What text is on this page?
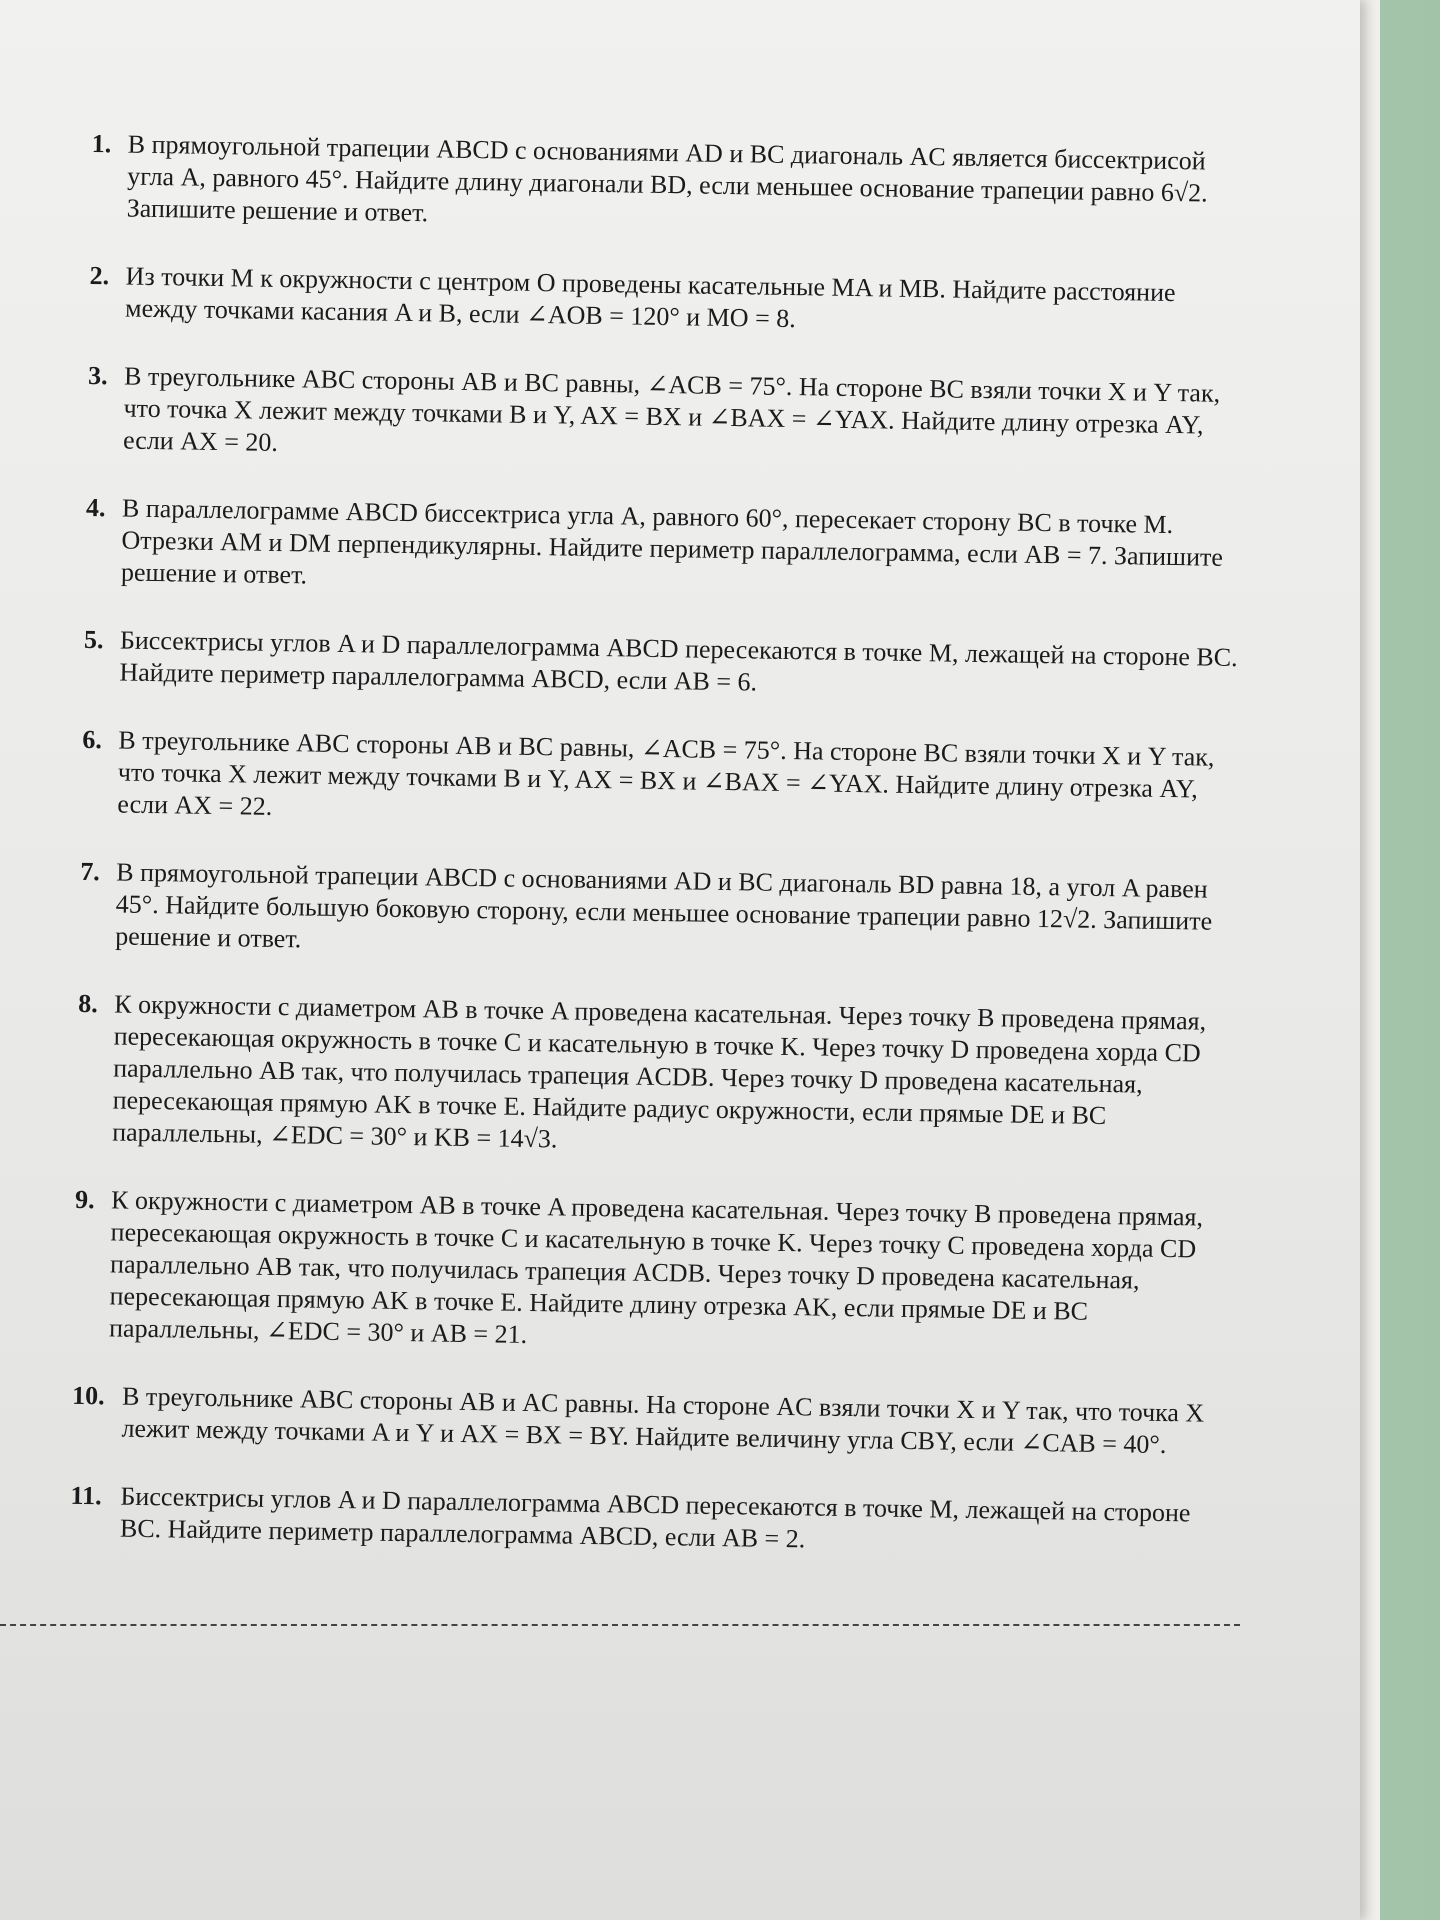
1. В прямоугольной трапеции ABCD с основаниями AD и BC диагональ AC является биссектрисой угла A, равного 45°. Найдите длину диагонали BD, если меньшее основание трапеции равно 6√2. Запишите решение и ответ.
2. Из точки M к окружности с центром O проведены касательные MA и MB. Найдите расстояние между точками касания A и B, если ∠AOB = 120° и MO = 8.
3. В треугольнике ABC стороны AB и BC равны, ∠ACB = 75°. На стороне BC взяли точки X и Y так, что точка X лежит между точками B и Y, AX = BX и ∠BAX = ∠YAX. Найдите длину отрезка AY, если AX = 20.
4. В параллелограмме ABCD биссектриса угла A, равного 60°, пересекает сторону BC в точке M. Отрезки AM и DM перпендикулярны. Найдите периметр параллелограмма, если AB = 7. Запишите решение и ответ.
5. Биссектрисы углов A и D параллелограмма ABCD пересекаются в точке M, лежащей на стороне BC. Найдите периметр параллелограмма ABCD, если AB = 6.
6. В треугольнике ABC стороны AB и BC равны, ∠ACB = 75°. На стороне BC взяли точки X и Y так, что точка X лежит между точками B и Y, AX = BX и ∠BAX = ∠YAX. Найдите длину отрезка AY, если AX = 22.
7. В прямоугольной трапеции ABCD с основаниями AD и BC диагональ BD равна 18, а угол A равен 45°. Найдите большую боковую сторону, если меньшее основание трапеции равно 12√2. Запишите решение и ответ.
8. К окружности с диаметром AB в точке A проведена касательная. Через точку B проведена прямая, пересекающая окружность в точке C и касательную в точке K. Через точку D проведена хорда CD параллельно AB так, что получилась трапеция ACDB. Через точку D проведена касательная, пересекающая прямую AK в точке E. Найдите радиус окружности, если прямые DE и BC параллельны, ∠EDC = 30° и KB = 14√3.
9. К окружности с диаметром AB в точке A проведена касательная. Через точку B проведена прямая, пересекающая окружность в точке C и касательную в точке K. Через точку C проведена хорда CD параллельно AB так, что получилась трапеция ACDB. Через точку D проведена касательная, пересекающая прямую AK в точке E. Найдите длину отрезка AK, если прямые DE и BC параллельны, ∠EDC = 30° и AB = 21.
10. В треугольнике ABC стороны AB и AC равны. На стороне AC взяли точки X и Y так, что точка X лежит между точками A и Y и AX = BX = BY. Найдите величину угла CBY, если ∠CAB = 40°.
11. Биссектрисы углов A и D параллелограмма ABCD пересекаются в точке M, лежащей на стороне BC. Найдите периметр параллелограмма ABCD, если AB = 2.
